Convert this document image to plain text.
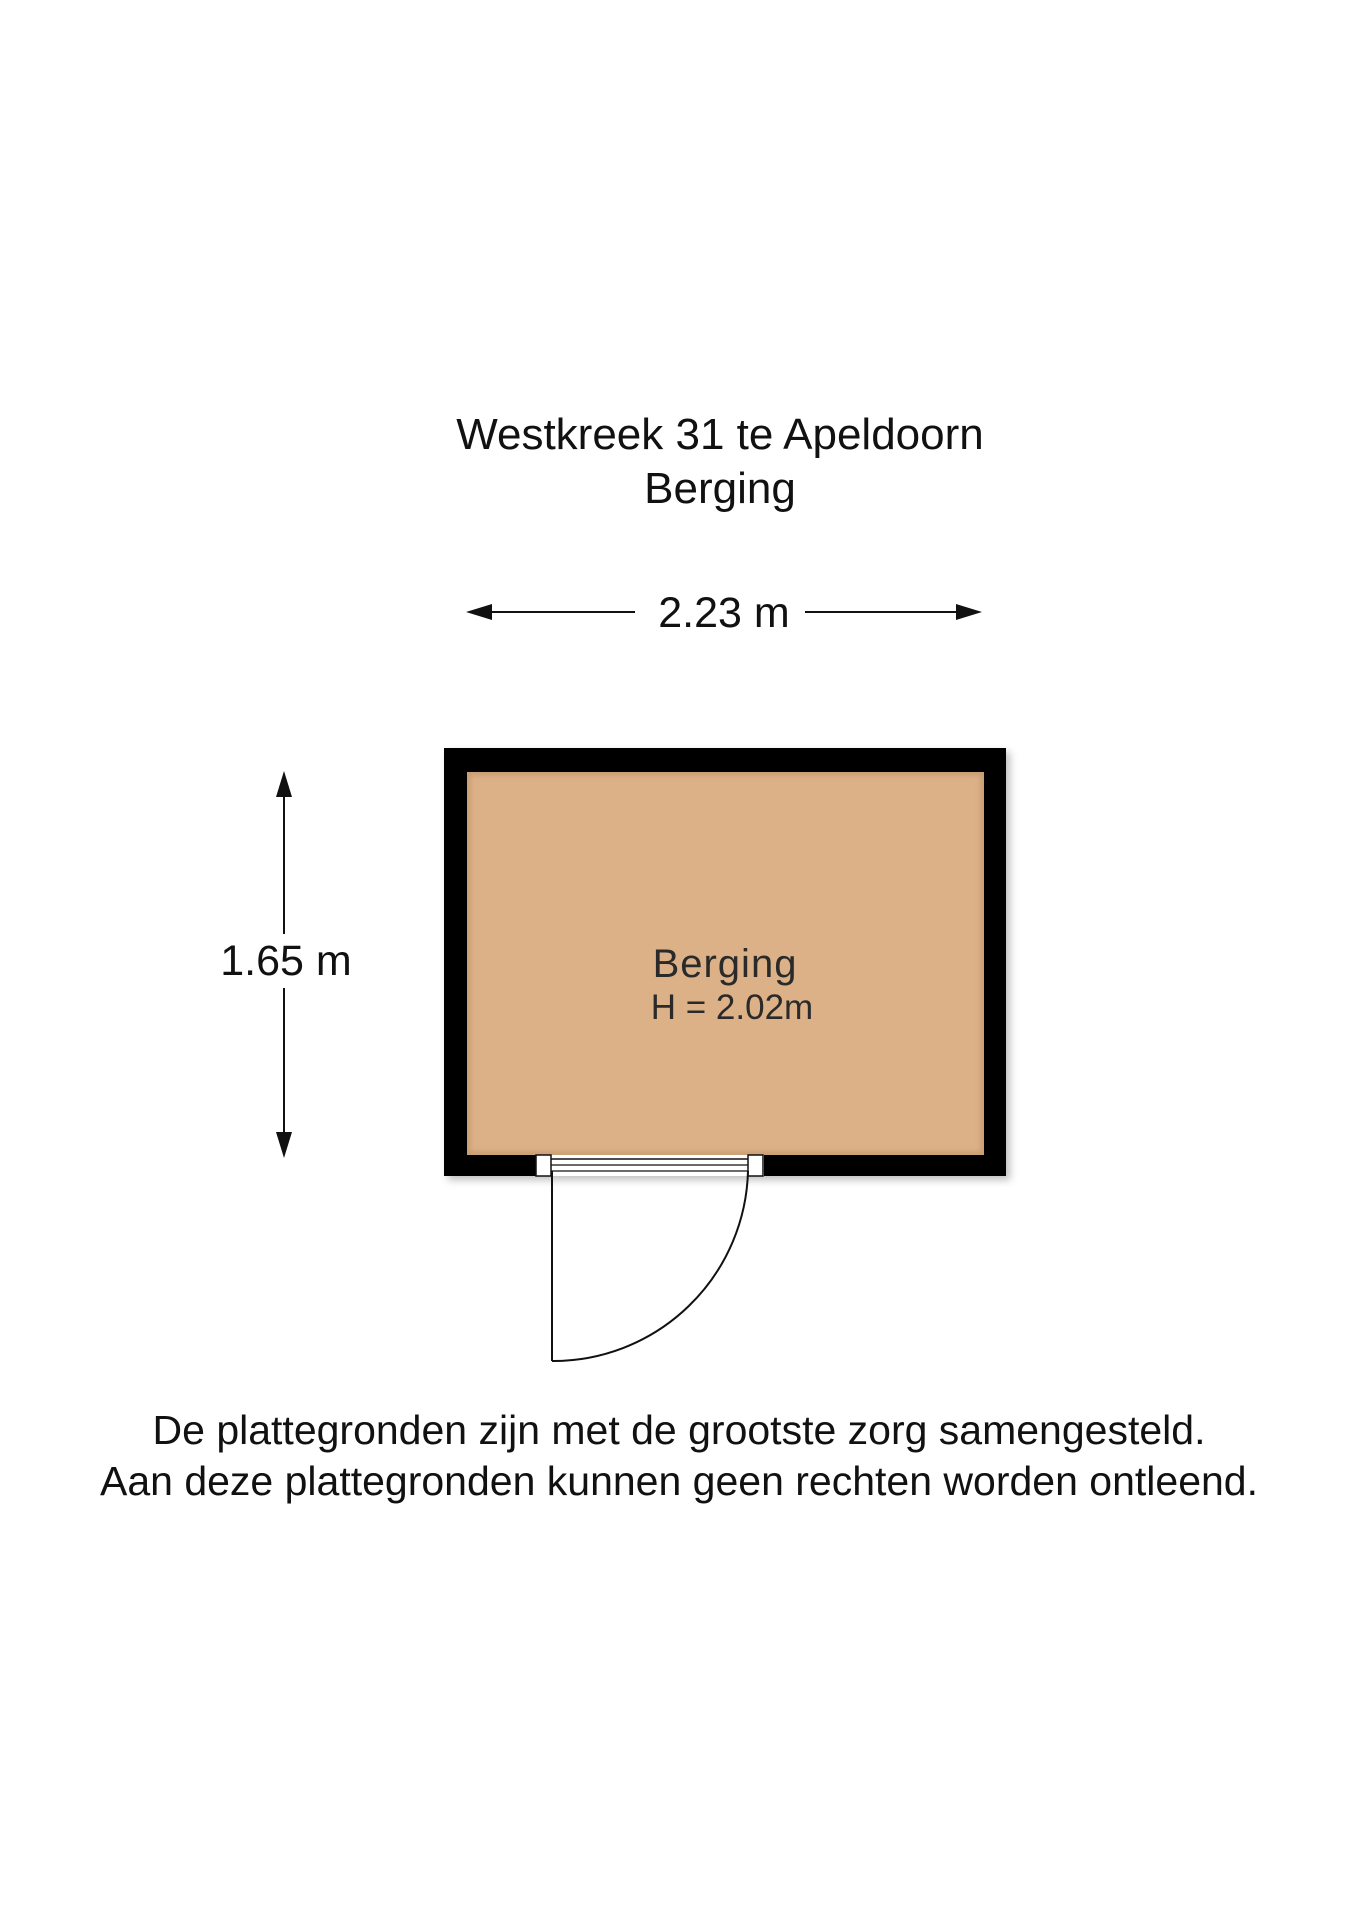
Westkreek 31 te Apeldoorn
Berging
2.23 m
1.65 m	Berging
H = 2.02m
De plattegronden zijn met de grootste zorg samengesteld.
Aan deze plattegronden kunnen geen rechten worden ontleend.
